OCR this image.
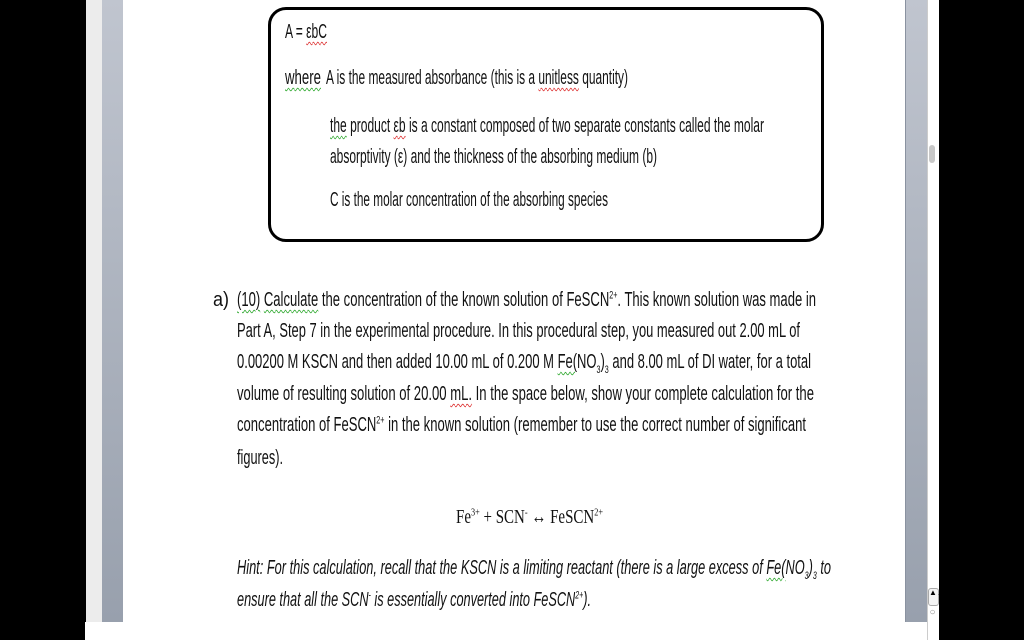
▲▲
○
A = εbC
where A is the measured absorbance (this is a unitless quantity)
the product εb is a constant composed of two separate constants called the molar
absorptivity (ε) and the thickness of the absorbing medium (b)
C is the molar concentration of the absorbing species
a) (10) Calculate the concentration of the known solution of FeSCN$^{2+}$. This known solution was made in
Part A, Step 7 in the experimental procedure. In this procedural step, you measured out 2.00 mL of
0.00200 M KSCN and then added 10.00 mL of 0.200 M $Fe(NO_3)_3$ and 8.00 mL of DI water, for a total
volume of resulting solution of 20.00 mL. In the space below, show your complete calculation for the
concentration of FeSCN$^{2+}$ in the known solution (remember to use the correct number of significant
figures).
$Fe^{3+} + SCN^-$ ↔ FeSCN$^{2+}$
Hint: For this calculation, recall that the KSCN is a limiting reactant (there is a large excess of $Fe(NO_3)_3$ to
ensure that all the SCN- is essentially converted into FeSCN$^{2+}$).
